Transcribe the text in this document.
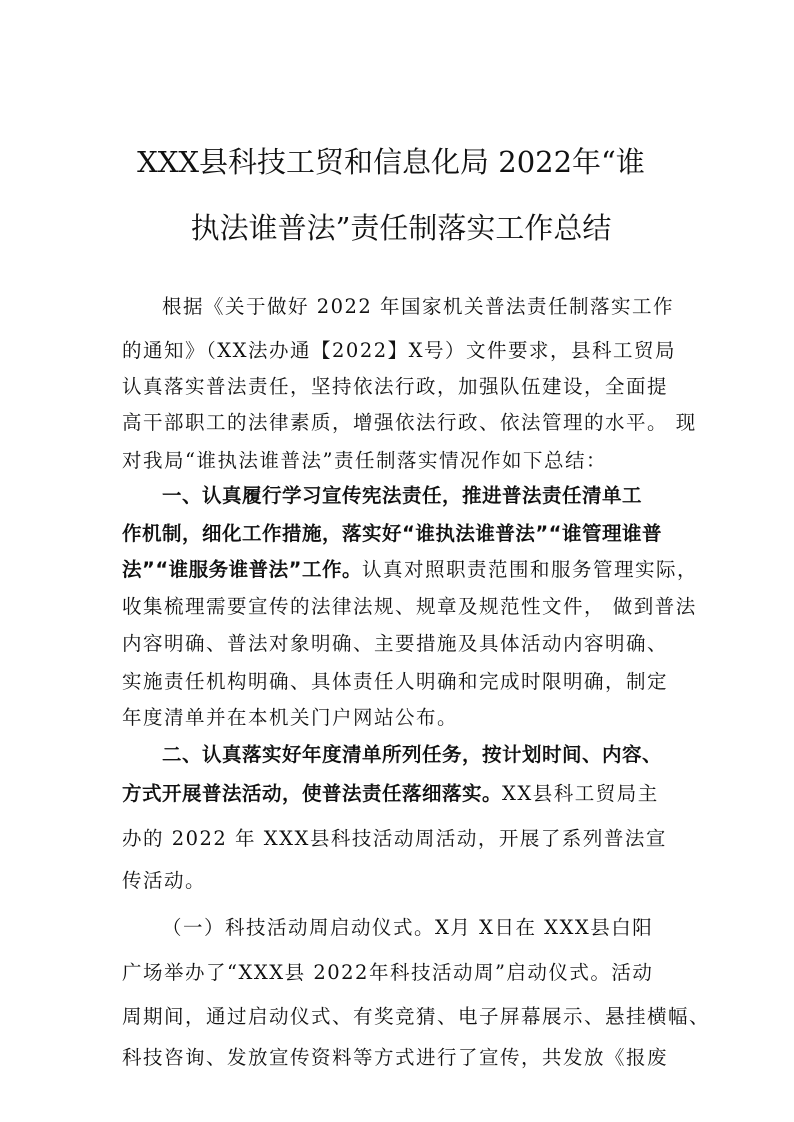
XXX县科技工贸和信息化局 2022年“谁
执法谁普法”责任制落实工作总结
根据《关于做好 2022 年国家机关普法责任制落实工作
的通知》（XX法办通【2022】X号）文件要求，县科工贸局
认真落实普法责任，坚持依法行政，加强队伍建设，全面提
高干部职工的法律素质，增强依法行政、依法管理的水平。 现
对我局“谁执法谁普法”责任制落实情况作如下总结：
一、认真履行学习宣传宪法责任，推进普法责任清单工
作机制，细化工作措施，落实好“谁执法谁普法”“谁管理谁普
法”“谁服务谁普法”工作。认真对照职责范围和服务管理实际，
收集梳理需要宣传的法律法规、规章及规范性文件， 做到普法
内容明确、普法对象明确、主要措施及具体活动内容明确、
实施责任机构明确、具体责任人明确和完成时限明确，制定
年度清单并在本机关门户网站公布。
二、认真落实好年度清单所列任务，按计划时间、内容、
方式开展普法活动，使普法责任落细落实。XX县科工贸局主
办的 2022 年 XXX县科技活动周活动，开展了系列普法宣
传活动。
（一）科技活动周启动仪式。X月 X日在 XXX县白阳
广场举办了“XXX县 2022年科技活动周”启动仪式。活动
周期间，通过启动仪式、有奖竞猜、电子屏幕展示、悬挂横幅、
科技咨询、发放宣传资料等方式进行了宣传，共发放《报废
